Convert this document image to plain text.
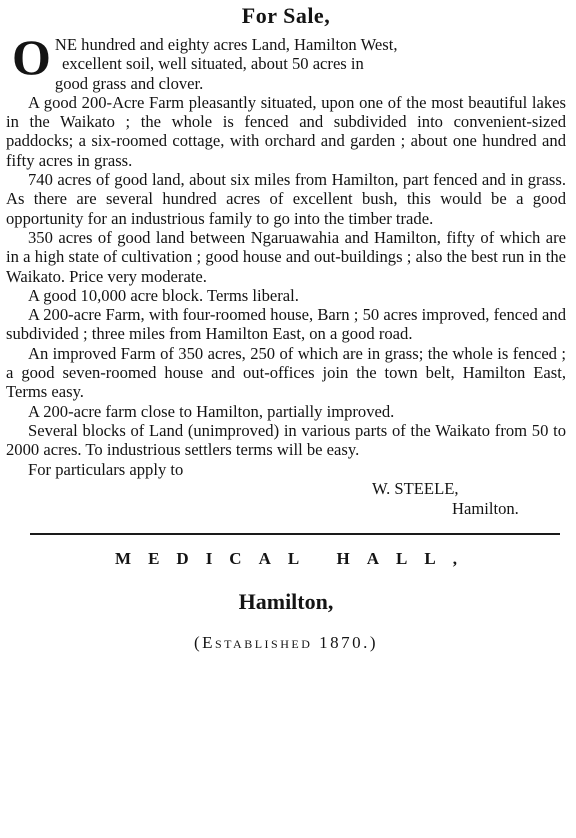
For Sale,

O NE hundred and eighty acres Land, Hamilton West,
excellent soil, well situated, about 50 acres in
good grass and clover.

A good 200-Acre Farm pleasantly situated, upon one of the most beautiful lakes in the Waikato ; the whole is fenced and subdivided into convenient-sized paddocks; a six-roomed cottage, with orchard and garden ; about one hundred and fifty acres in grass.

740 acres of good land, about six miles from Hamilton, part fenced and in grass. As there are several hundred acres of excellent bush, this would be a good opportunity for an industrious family to go into the timber trade.

350 acres of good land between Ngaruawahia and Hamilton, fifty of which are in a high state of cultivation ; good house and out-buildings ; also the best run in the Waikato. Price very moderate.

A good 10,000 acre block. Terms liberal.

A 200-acre Farm, with four-roomed house, Barn ; 50 acres improved, fenced and subdivided ; three miles from Hamilton East, on a good road.

An improved Farm of 350 acres, 250 of which are in grass; the whole is fenced ; a good seven-roomed house and out-offices join the town belt, Hamilton East, Terms easy.

A 200-acre farm close to Hamilton, partially improved.

Several blocks of Land (unimproved) in various parts of the Waikato from 50 to 2000 acres. To industrious settlers terms will be easy.

For particulars apply to

W. STEELE,
Hamilton.
MEDICAL HALL,
Hamilton,
(Established 1870.)
